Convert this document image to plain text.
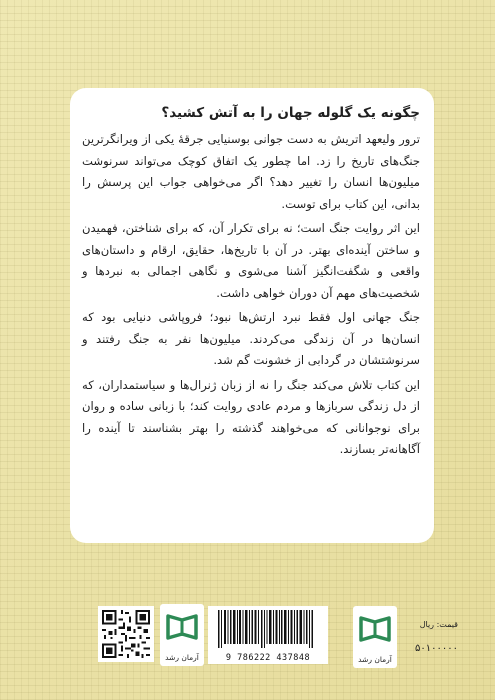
چگونه یک گلوله جهان را به آتش کشید؟

ترور ولیعهد اتریش به دست جوانی بوسنیایی جرقهٔ یکی از ویرانگرترین جنگ‌های تاریخ را زد. اما چطور یک اتفاق کوچک می‌تواند سرنوشت میلیون‌ها انسان را تغییر دهد؟ اگر می‌خواهی جواب این پرسش را بدانی، این کتاب برای توست.

این اثر روایت جنگ است؛ نه برای تکرار آن، که برای شناختن، فهمیدن و ساختن آینده‌ای بهتر. در آن با تاریخ‌ها، حقایق، ارقام و داستان‌های واقعی و شگفت‌انگیز آشنا می‌شوی و نگاهی اجمالی به نبردها و شخصیت‌های مهم آن دوران خواهی داشت.

جنگ جهانی اول فقط نبرد ارتش‌ها نبود؛ فروپاشی دنیایی بود که انسان‌ها در آن زندگی می‌کردند. میلیون‌ها نفر به جنگ رفتند و سرنوشتشان در گردابی از خشونت گم شد.

این کتاب تلاش می‌کند جنگ را نه از زبان ژنرال‌ها و سیاستمداران، که از دل زندگی سربازها و مردم عادی روایت کند؛ با زبانی ساده و روان برای نوجوانانی که می‌خواهند گذشته را بهتر بشناسند تا آینده را آگاهانه‌تر بسازند.

آرمان رشد	9 786222 437848	آرمان رشد
قیمت: ریال
۵۰۱۰۰۰۰۰
